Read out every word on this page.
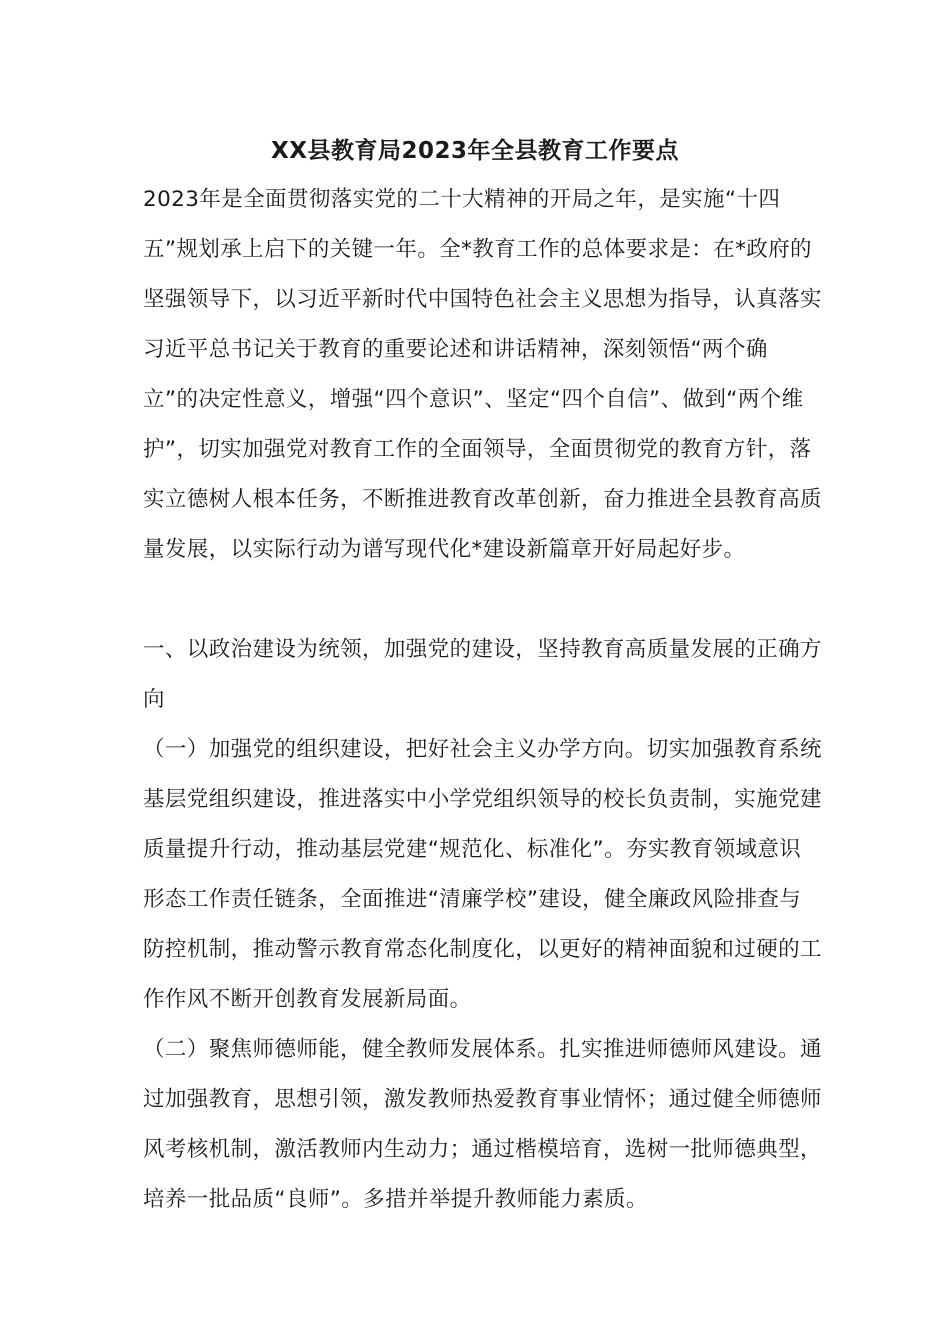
XX县教育局2023年全县教育工作要点
2023年是全面贯彻落实党的二十大精神的开局之年，是实施“十四五”规划承上启下的关键一年。全*教育工作的总体要求是：在*政府的坚强领导下，以习近平新时代中国特色社会主义思想为指导，认真落实习近平总书记关于教育的重要论述和讲话精神，深刻领悟“两个确立”的决定性意义，增强“四个意识”、坚定“四个自信”、做到“两个维护”，切实加强党对教育工作的全面领导，全面贯彻党的教育方针，落实立德树人根本任务，不断推进教育改革创新，奋力推进全县教育高质量发展，以实际行动为谱写现代化*建设新篇章开好局起好步。
一、以政治建设为统领，加强党的建设，坚持教育高质量发展的正确方向
（一）加强党的组织建设，把好社会主义办学方向。切实加强教育系统基层党组织建设，推进落实中小学党组织领导的校长负责制，实施党建质量提升行动，推动基层党建“规范化、标准化”。夯实教育领域意识形态工作责任链条，全面推进“清廉学校”建设，健全廉政风险排查与防控机制，推动警示教育常态化制度化，以更好的精神面貌和过硬的工作作风不断开创教育发展新局面。
（二）聚焦师德师能，健全教师发展体系。扎实推进师德师风建设。通过加强教育，思想引领，激发教师热爱教育事业情怀；通过健全师德师风考核机制，激活教师内生动力；通过楷模培育，选树一批师德典型，培养一批品质“良师”。多措并举提升教师能力素质。
